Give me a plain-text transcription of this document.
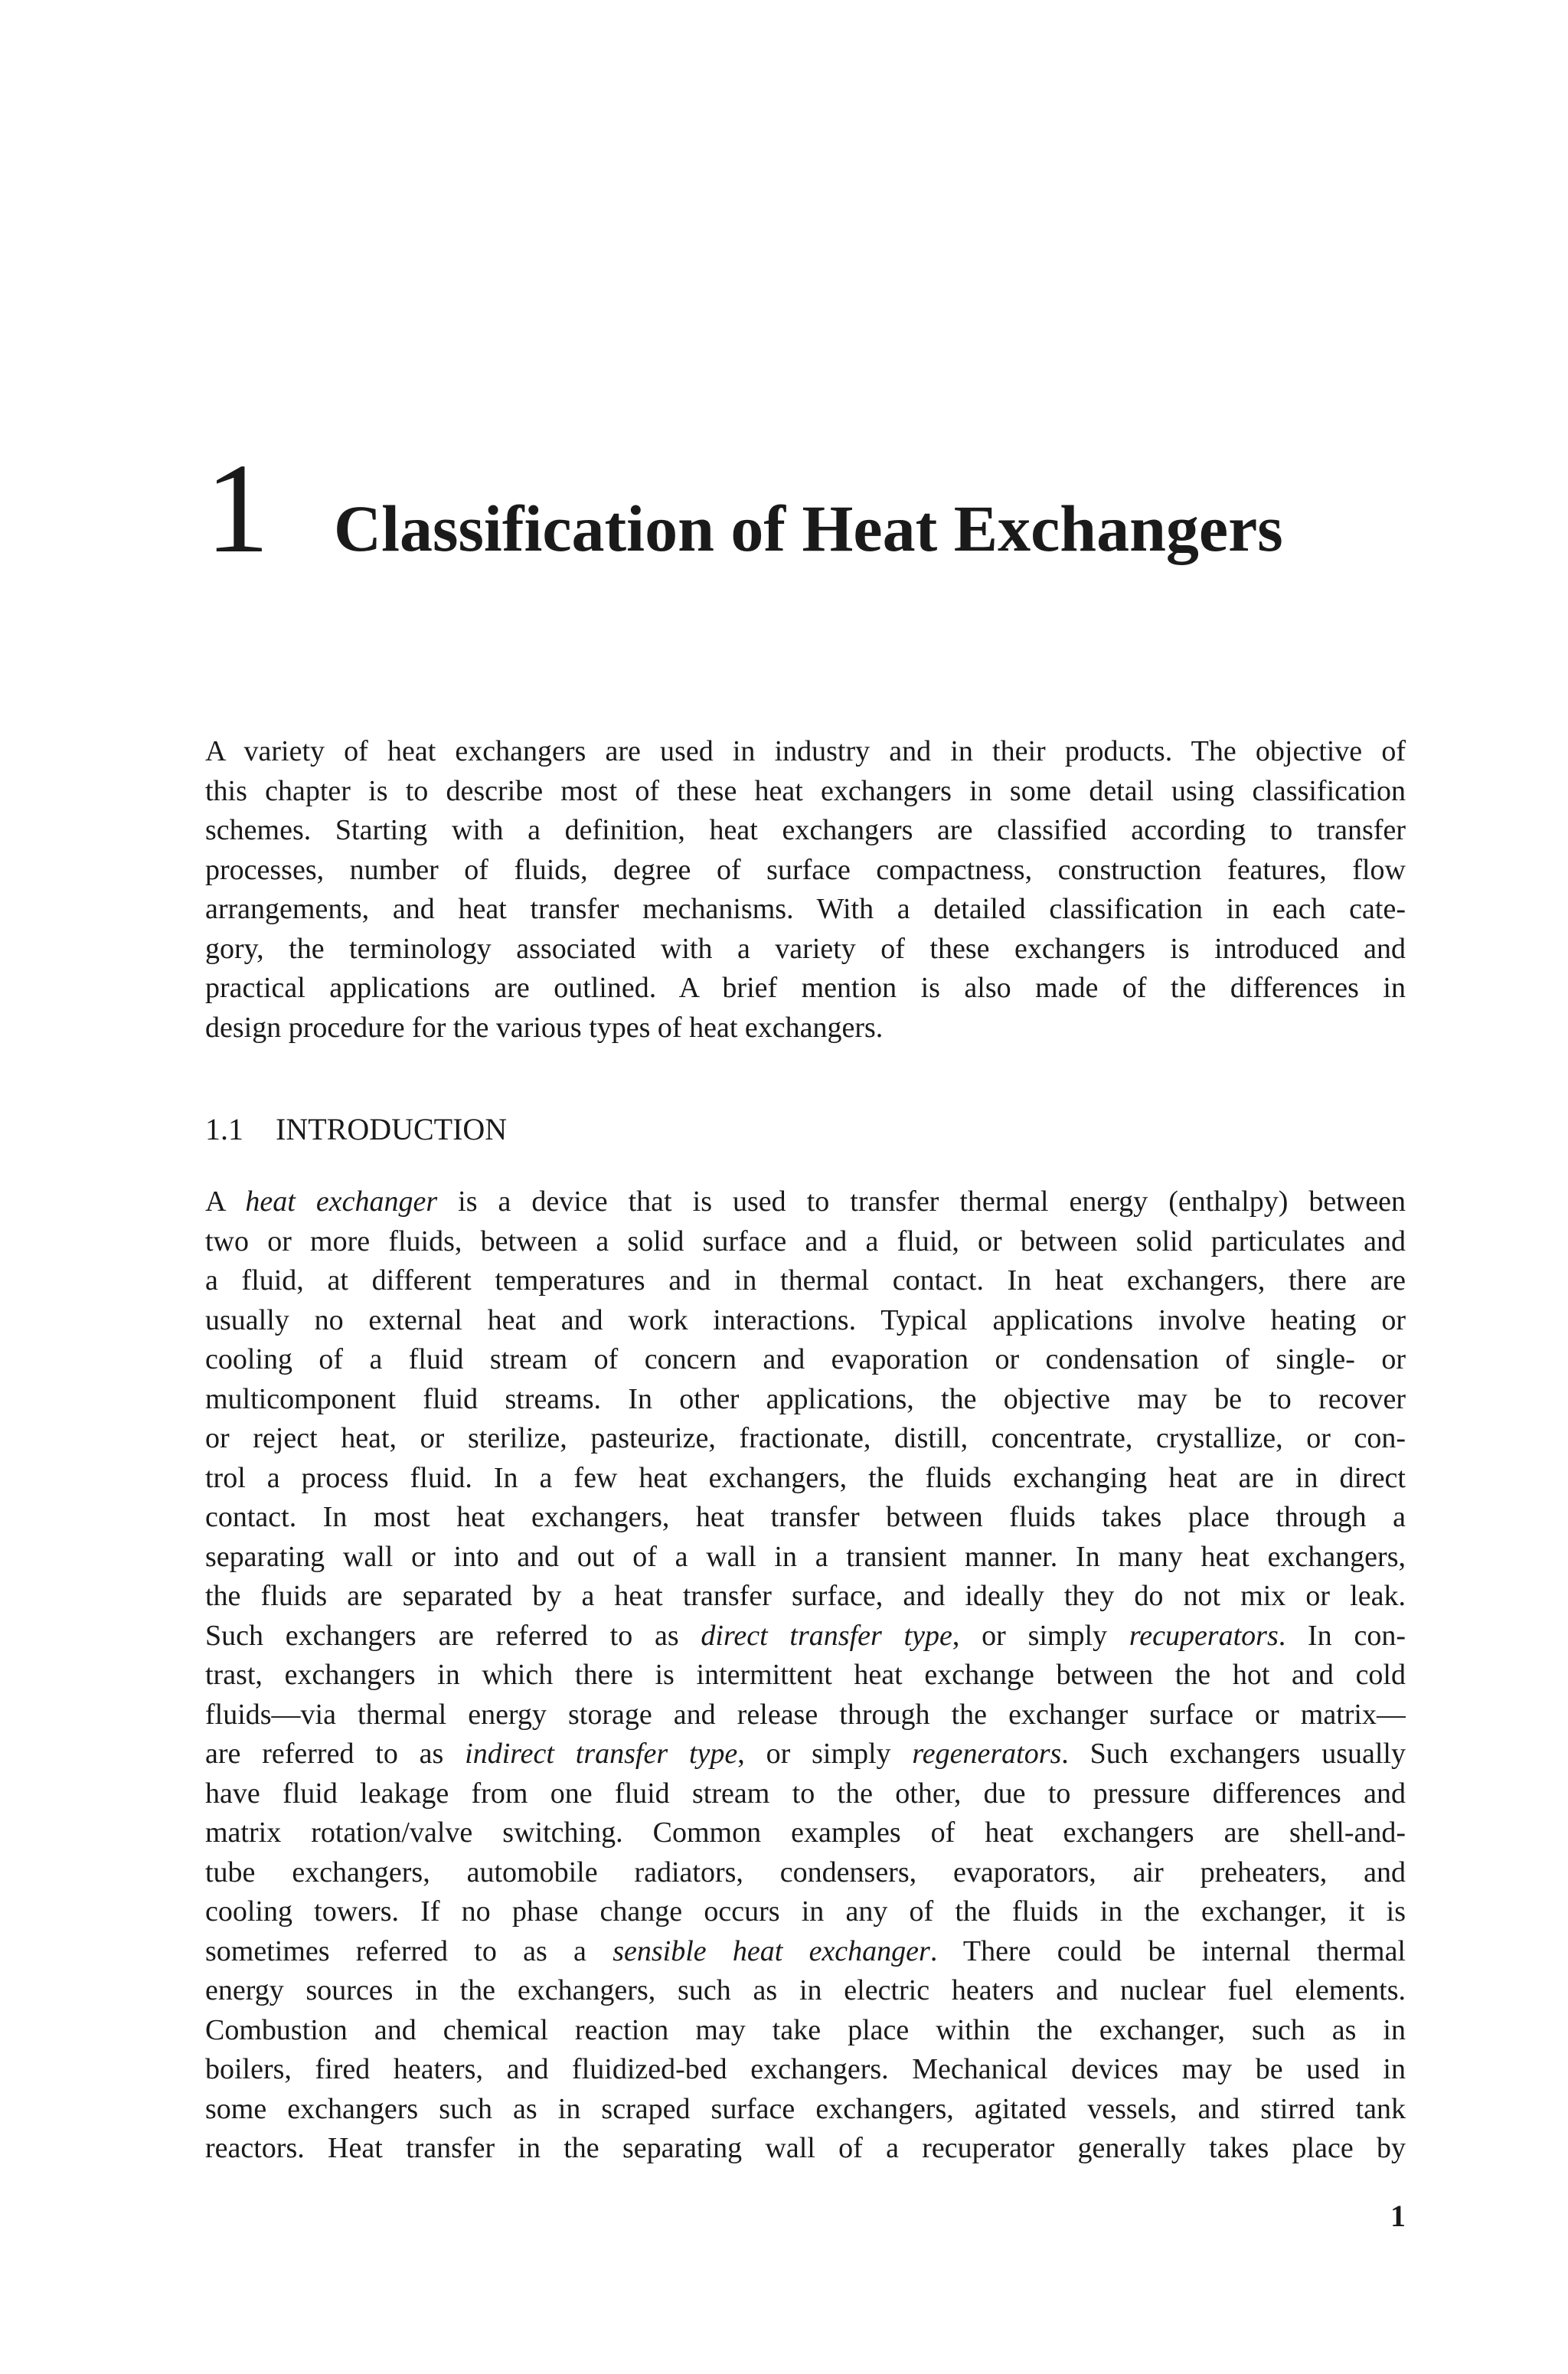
1 Classification of Heat Exchangers
A variety of heat exchangers are used in industry and in their products. The objective of
this chapter is to describe most of these heat exchangers in some detail using classification
schemes. Starting with a definition, heat exchangers are classified according to transfer
processes, number of fluids, degree of surface compactness, construction features, flow
arrangements, and heat transfer mechanisms. With a detailed classification in each cate-
gory, the terminology associated with a variety of these exchangers is introduced and
practical applications are outlined. A brief mention is also made of the differences in
design procedure for the various types of heat exchangers.
1.1 INTRODUCTION
A heat exchanger is a device that is used to transfer thermal energy (enthalpy) between
two or more fluids, between a solid surface and a fluid, or between solid particulates and
a fluid, at different temperatures and in thermal contact. In heat exchangers, there are
usually no external heat and work interactions. Typical applications involve heating or
cooling of a fluid stream of concern and evaporation or condensation of single- or
multicomponent fluid streams. In other applications, the objective may be to recover
or reject heat, or sterilize, pasteurize, fractionate, distill, concentrate, crystallize, or con-
trol a process fluid. In a few heat exchangers, the fluids exchanging heat are in direct
contact. In most heat exchangers, heat transfer between fluids takes place through a
separating wall or into and out of a wall in a transient manner. In many heat exchangers,
the fluids are separated by a heat transfer surface, and ideally they do not mix or leak.
Such exchangers are referred to as direct transfer type, or simply recuperators. In con-
trast, exchangers in which there is intermittent heat exchange between the hot and cold
fluids—via thermal energy storage and release through the exchanger surface or matrix—
are referred to as indirect transfer type, or simply regenerators. Such exchangers usually
have fluid leakage from one fluid stream to the other, due to pressure differences and
matrix rotation/valve switching. Common examples of heat exchangers are shell-and-
tube exchangers, automobile radiators, condensers, evaporators, air preheaters, and
cooling towers. If no phase change occurs in any of the fluids in the exchanger, it is
sometimes referred to as a sensible heat exchanger. There could be internal thermal
energy sources in the exchangers, such as in electric heaters and nuclear fuel elements.
Combustion and chemical reaction may take place within the exchanger, such as in
boilers, fired heaters, and fluidized-bed exchangers. Mechanical devices may be used in
some exchangers such as in scraped surface exchangers, agitated vessels, and stirred tank
reactors. Heat transfer in the separating wall of a recuperator generally takes place by
1
